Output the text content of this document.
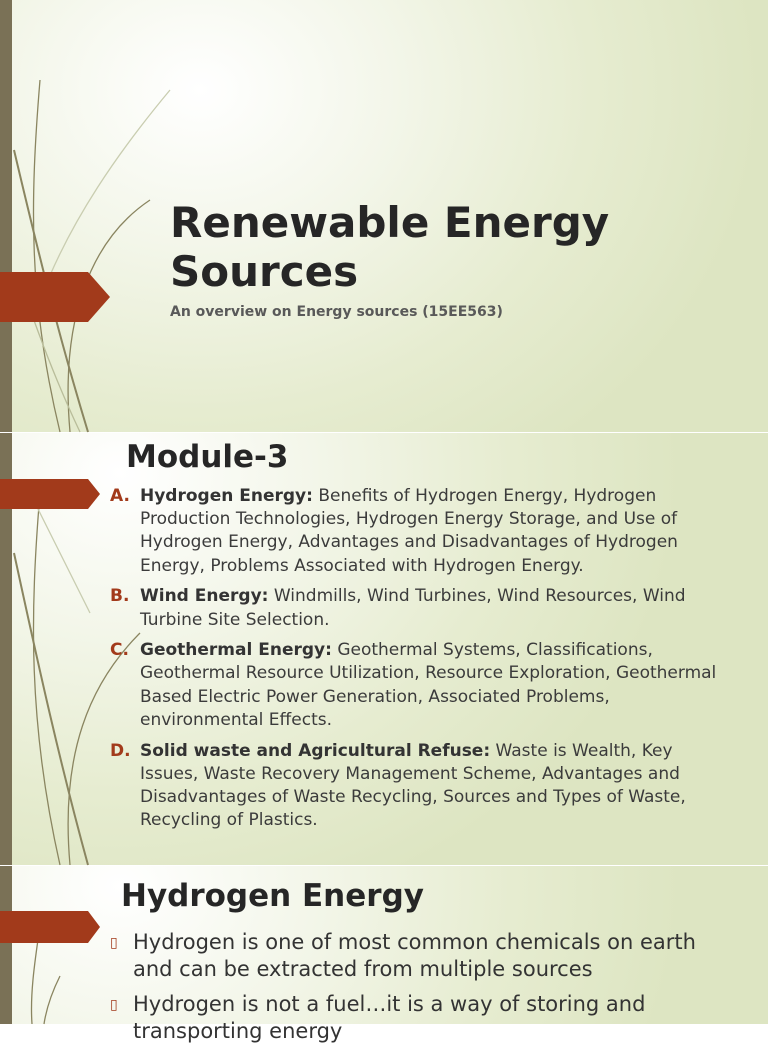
Renewable Energy Sources
An overview on Energy sources (15EE563)
Module-3
A. Hydrogen Energy: Benefits of Hydrogen Energy, Hydrogen Production Technologies, Hydrogen Energy Storage, and Use of Hydrogen Energy, Advantages and Disadvantages of Hydrogen Energy, Problems Associated with Hydrogen Energy.
B. Wind Energy: Windmills, Wind Turbines, Wind Resources, Wind Turbine Site Selection.
C. Geothermal Energy: Geothermal Systems, Classifications, Geothermal Resource Utilization, Resource Exploration, Geothermal Based Electric Power Generation, Associated Problems, environmental Effects.
D. Solid waste and Agricultural Refuse: Waste is Wealth, Key Issues, Waste Recovery Management Scheme, Advantages and Disadvantages of Waste Recycling, Sources and Types of Waste, Recycling of Plastics.
Hydrogen Energy
▯ Hydrogen is one of most common chemicals on earth and can be extracted from multiple sources
▯ Hydrogen is not a fuel…it is a way of storing and transporting energy
